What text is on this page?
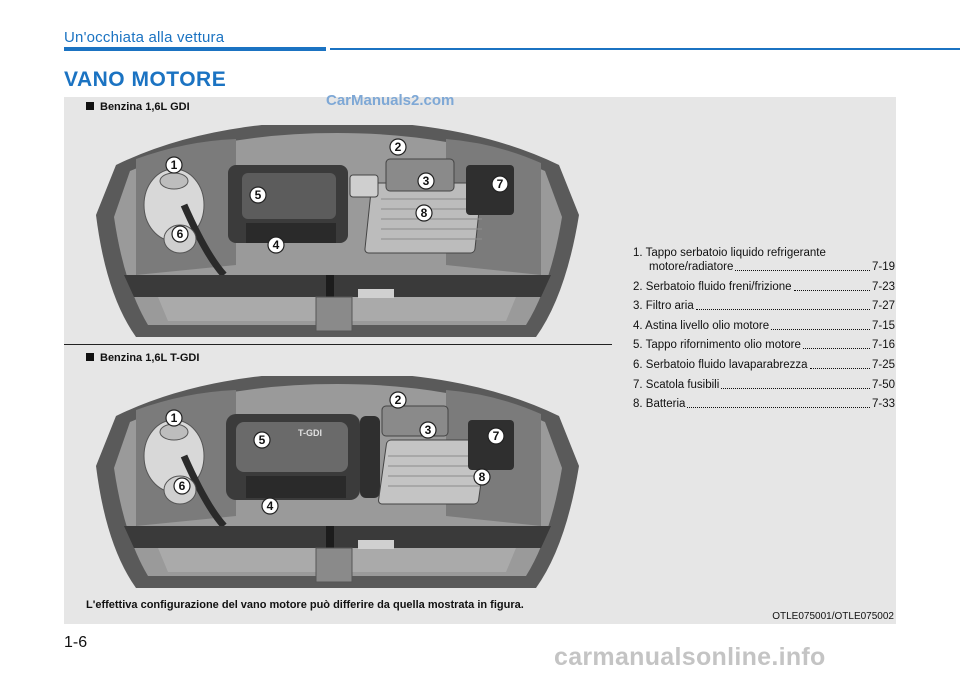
Un'occhiata alla vettura
VANO MOTORE
Benzina 1,6L GDI
Benzina 1,6L T-GDI
CarManuals2.com
1
2
3
4
5
6
7
8
T-GDI
1
2
3
4
5
6
7
8
1. Tappo serbatoio liquido refrigerante
motore/radiatore	7-19
2. Serbatoio fluido freni/frizione	7-23
3. Filtro aria	7-27
4. Astina livello olio motore	7-15
5. Tappo rifornimento olio motore	7-16
6. Serbatoio fluido lavaparabrezza	7-25
7. Scatola fusibili	7-50
8. Batteria	7-33
L'effettiva configurazione del vano motore può differire da quella mostrata in figura.
OTLE075001/OTLE075002
1-6
carmanualsonline.info
